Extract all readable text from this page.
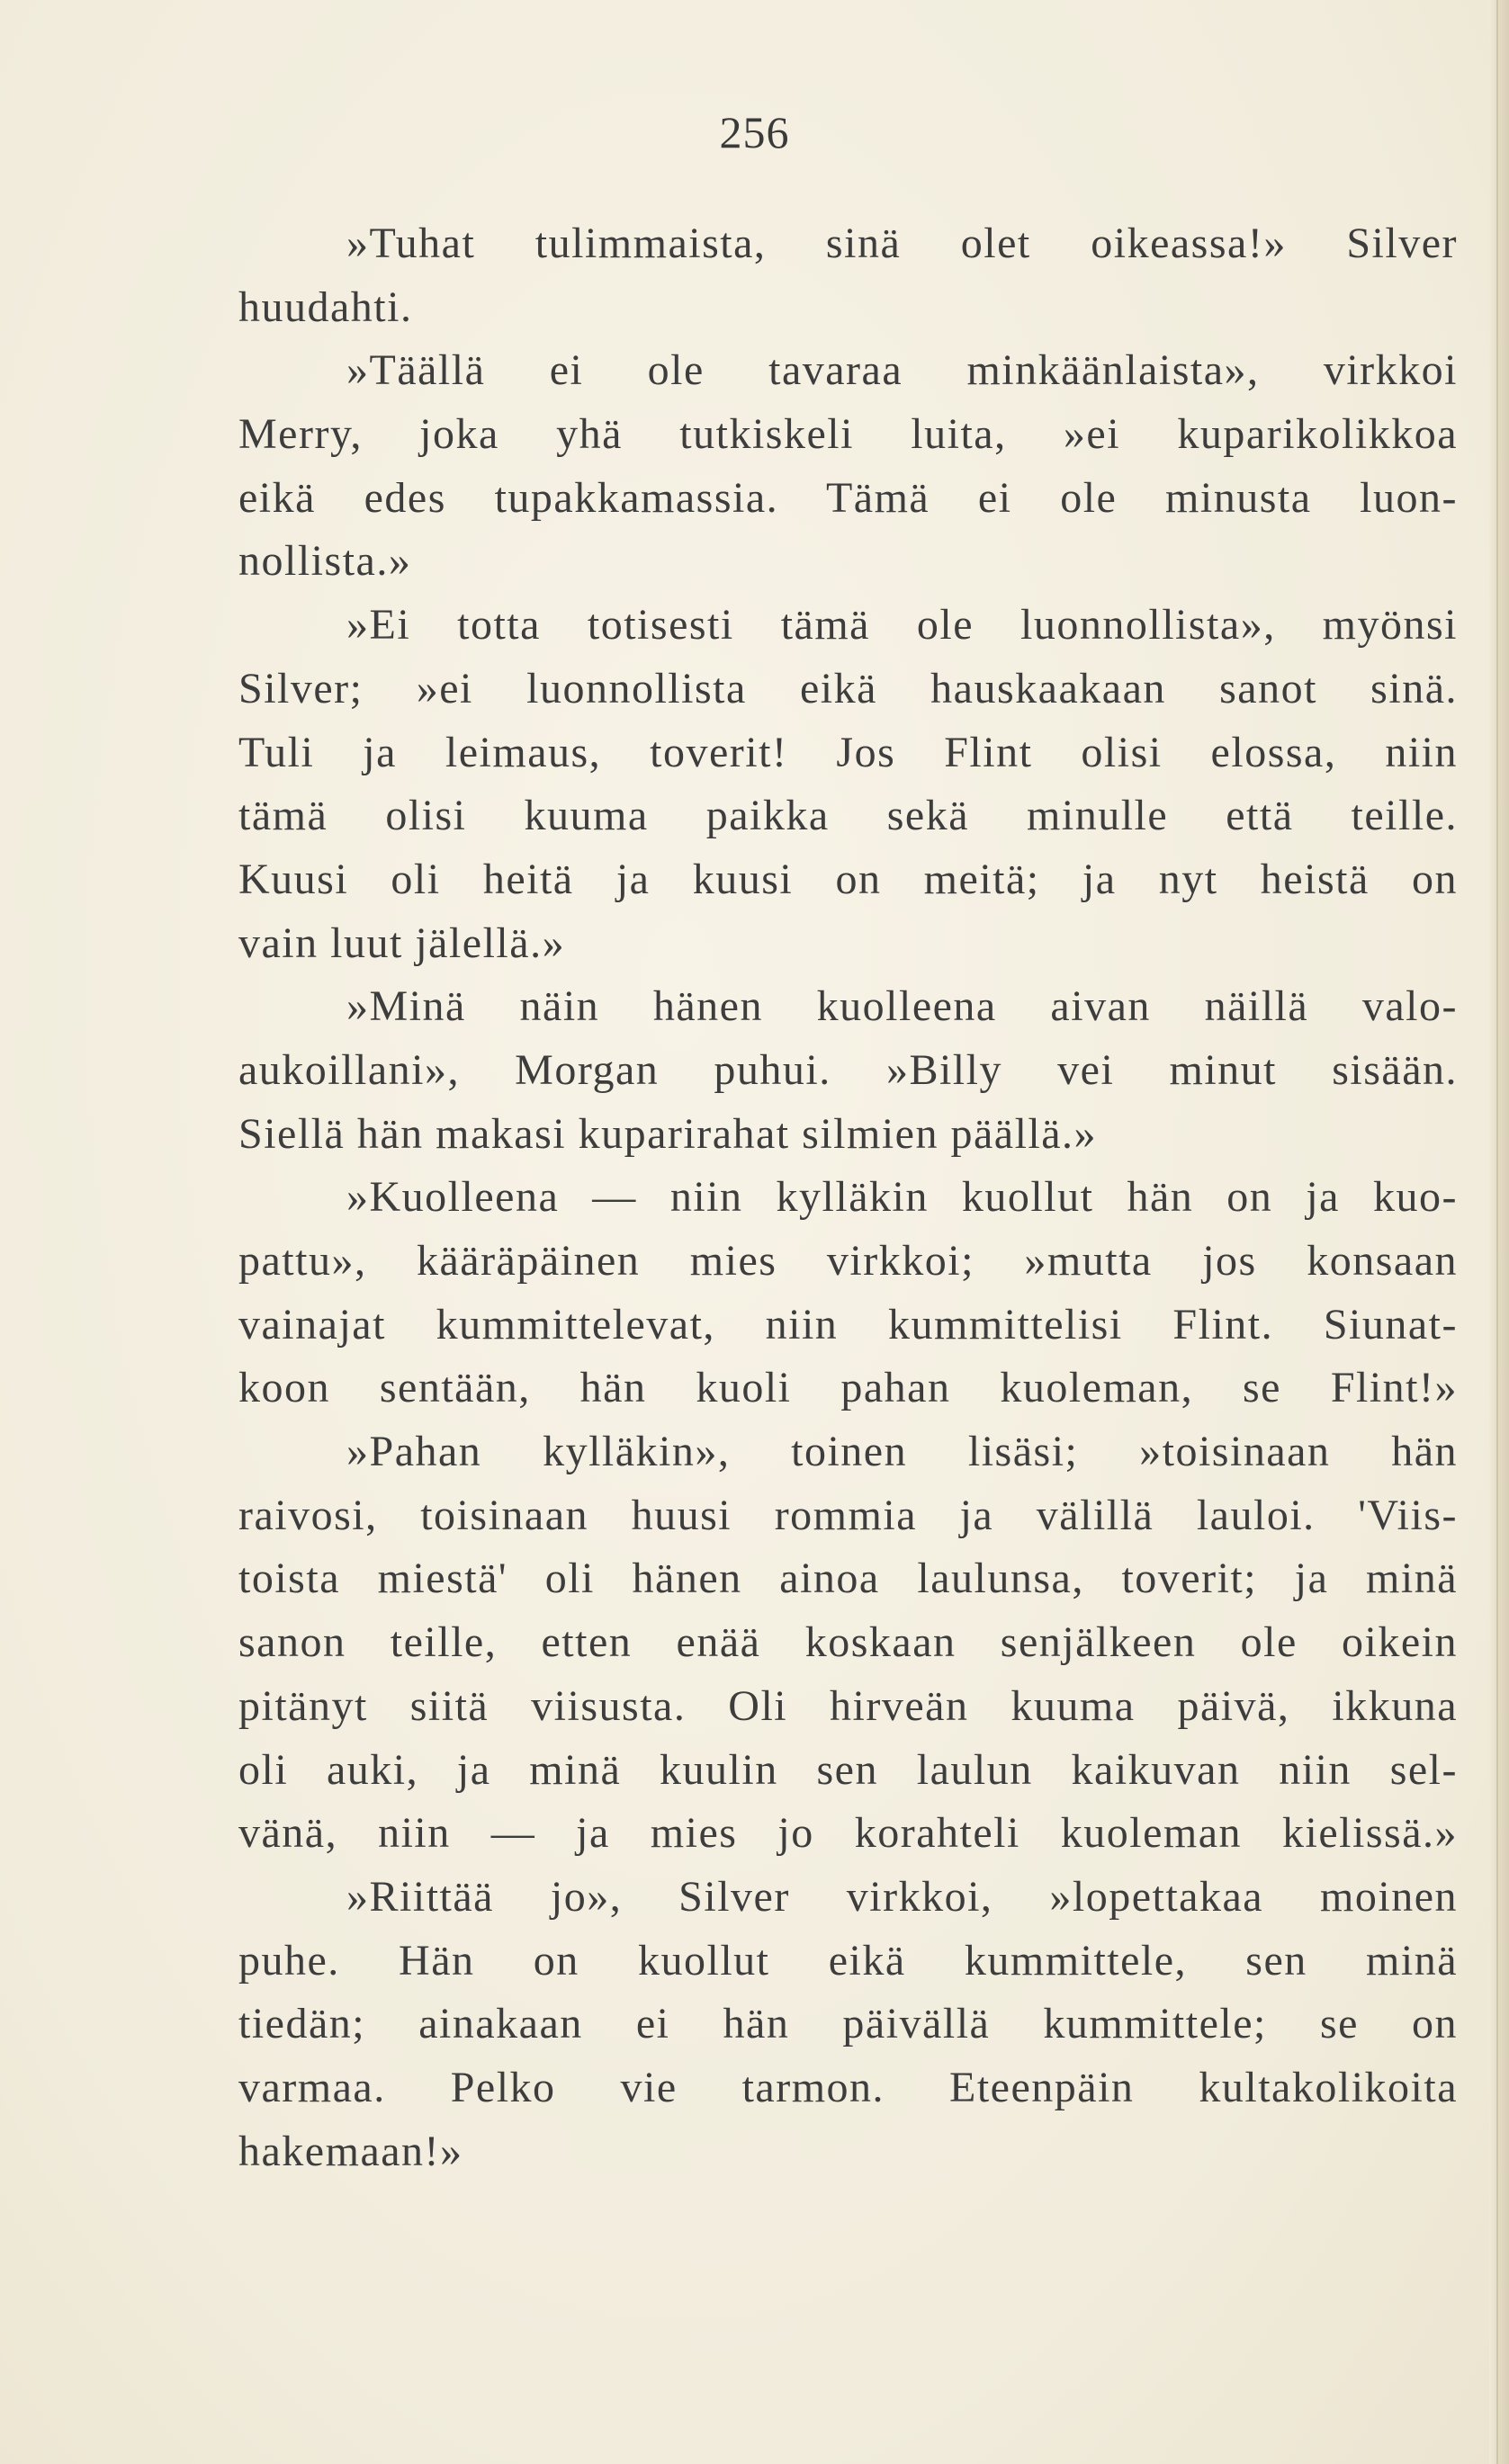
256
»Tuhat tulimmaista, sinä olet oikeassa!» Silver
huudahti.
»Täällä ei ole tavaraa minkäänlaista», virkkoi
Merry, joka yhä tutkiskeli luita, »ei kuparikolikkoa
eikä edes tupakkamassia. Tämä ei ole minusta luon-
nollista.»
»Ei totta totisesti tämä ole luonnollista», myönsi
Silver; »ei luonnollista eikä hauskaakaan sanot sinä.
Tuli ja leimaus, toverit! Jos Flint olisi elossa, niin
tämä olisi kuuma paikka sekä minulle että teille.
Kuusi oli heitä ja kuusi on meitä; ja nyt heistä on
vain luut jälellä.»
»Minä näin hänen kuolleena aivan näillä valo-
aukoillani», Morgan puhui. »Billy vei minut sisään.
Siellä hän makasi kuparirahat silmien päällä.»
»Kuolleena — niin kylläkin kuollut hän on ja kuo-
pattu», kääräpäinen mies virkkoi; »mutta jos konsaan
vainajat kummittelevat, niin kummittelisi Flint. Siunat-
koon sentään, hän kuoli pahan kuoleman, se Flint!»
»Pahan kylläkin», toinen lisäsi; »toisinaan hän
raivosi, toisinaan huusi rommia ja välillä lauloi. 'Viis-
toista miestä' oli hänen ainoa laulunsa, toverit; ja minä
sanon teille, etten enää koskaan senjälkeen ole oikein
pitänyt siitä viisusta. Oli hirveän kuuma päivä, ikkuna
oli auki, ja minä kuulin sen laulun kaikuvan niin sel-
vänä, niin — ja mies jo korahteli kuoleman kielissä.»
»Riittää jo», Silver virkkoi, »lopettakaa moinen
puhe. Hän on kuollut eikä kummittele, sen minä
tiedän; ainakaan ei hän päivällä kummittele; se on
varmaa. Pelko vie tarmon. Eteenpäin kultakolikoita
hakemaan!»
